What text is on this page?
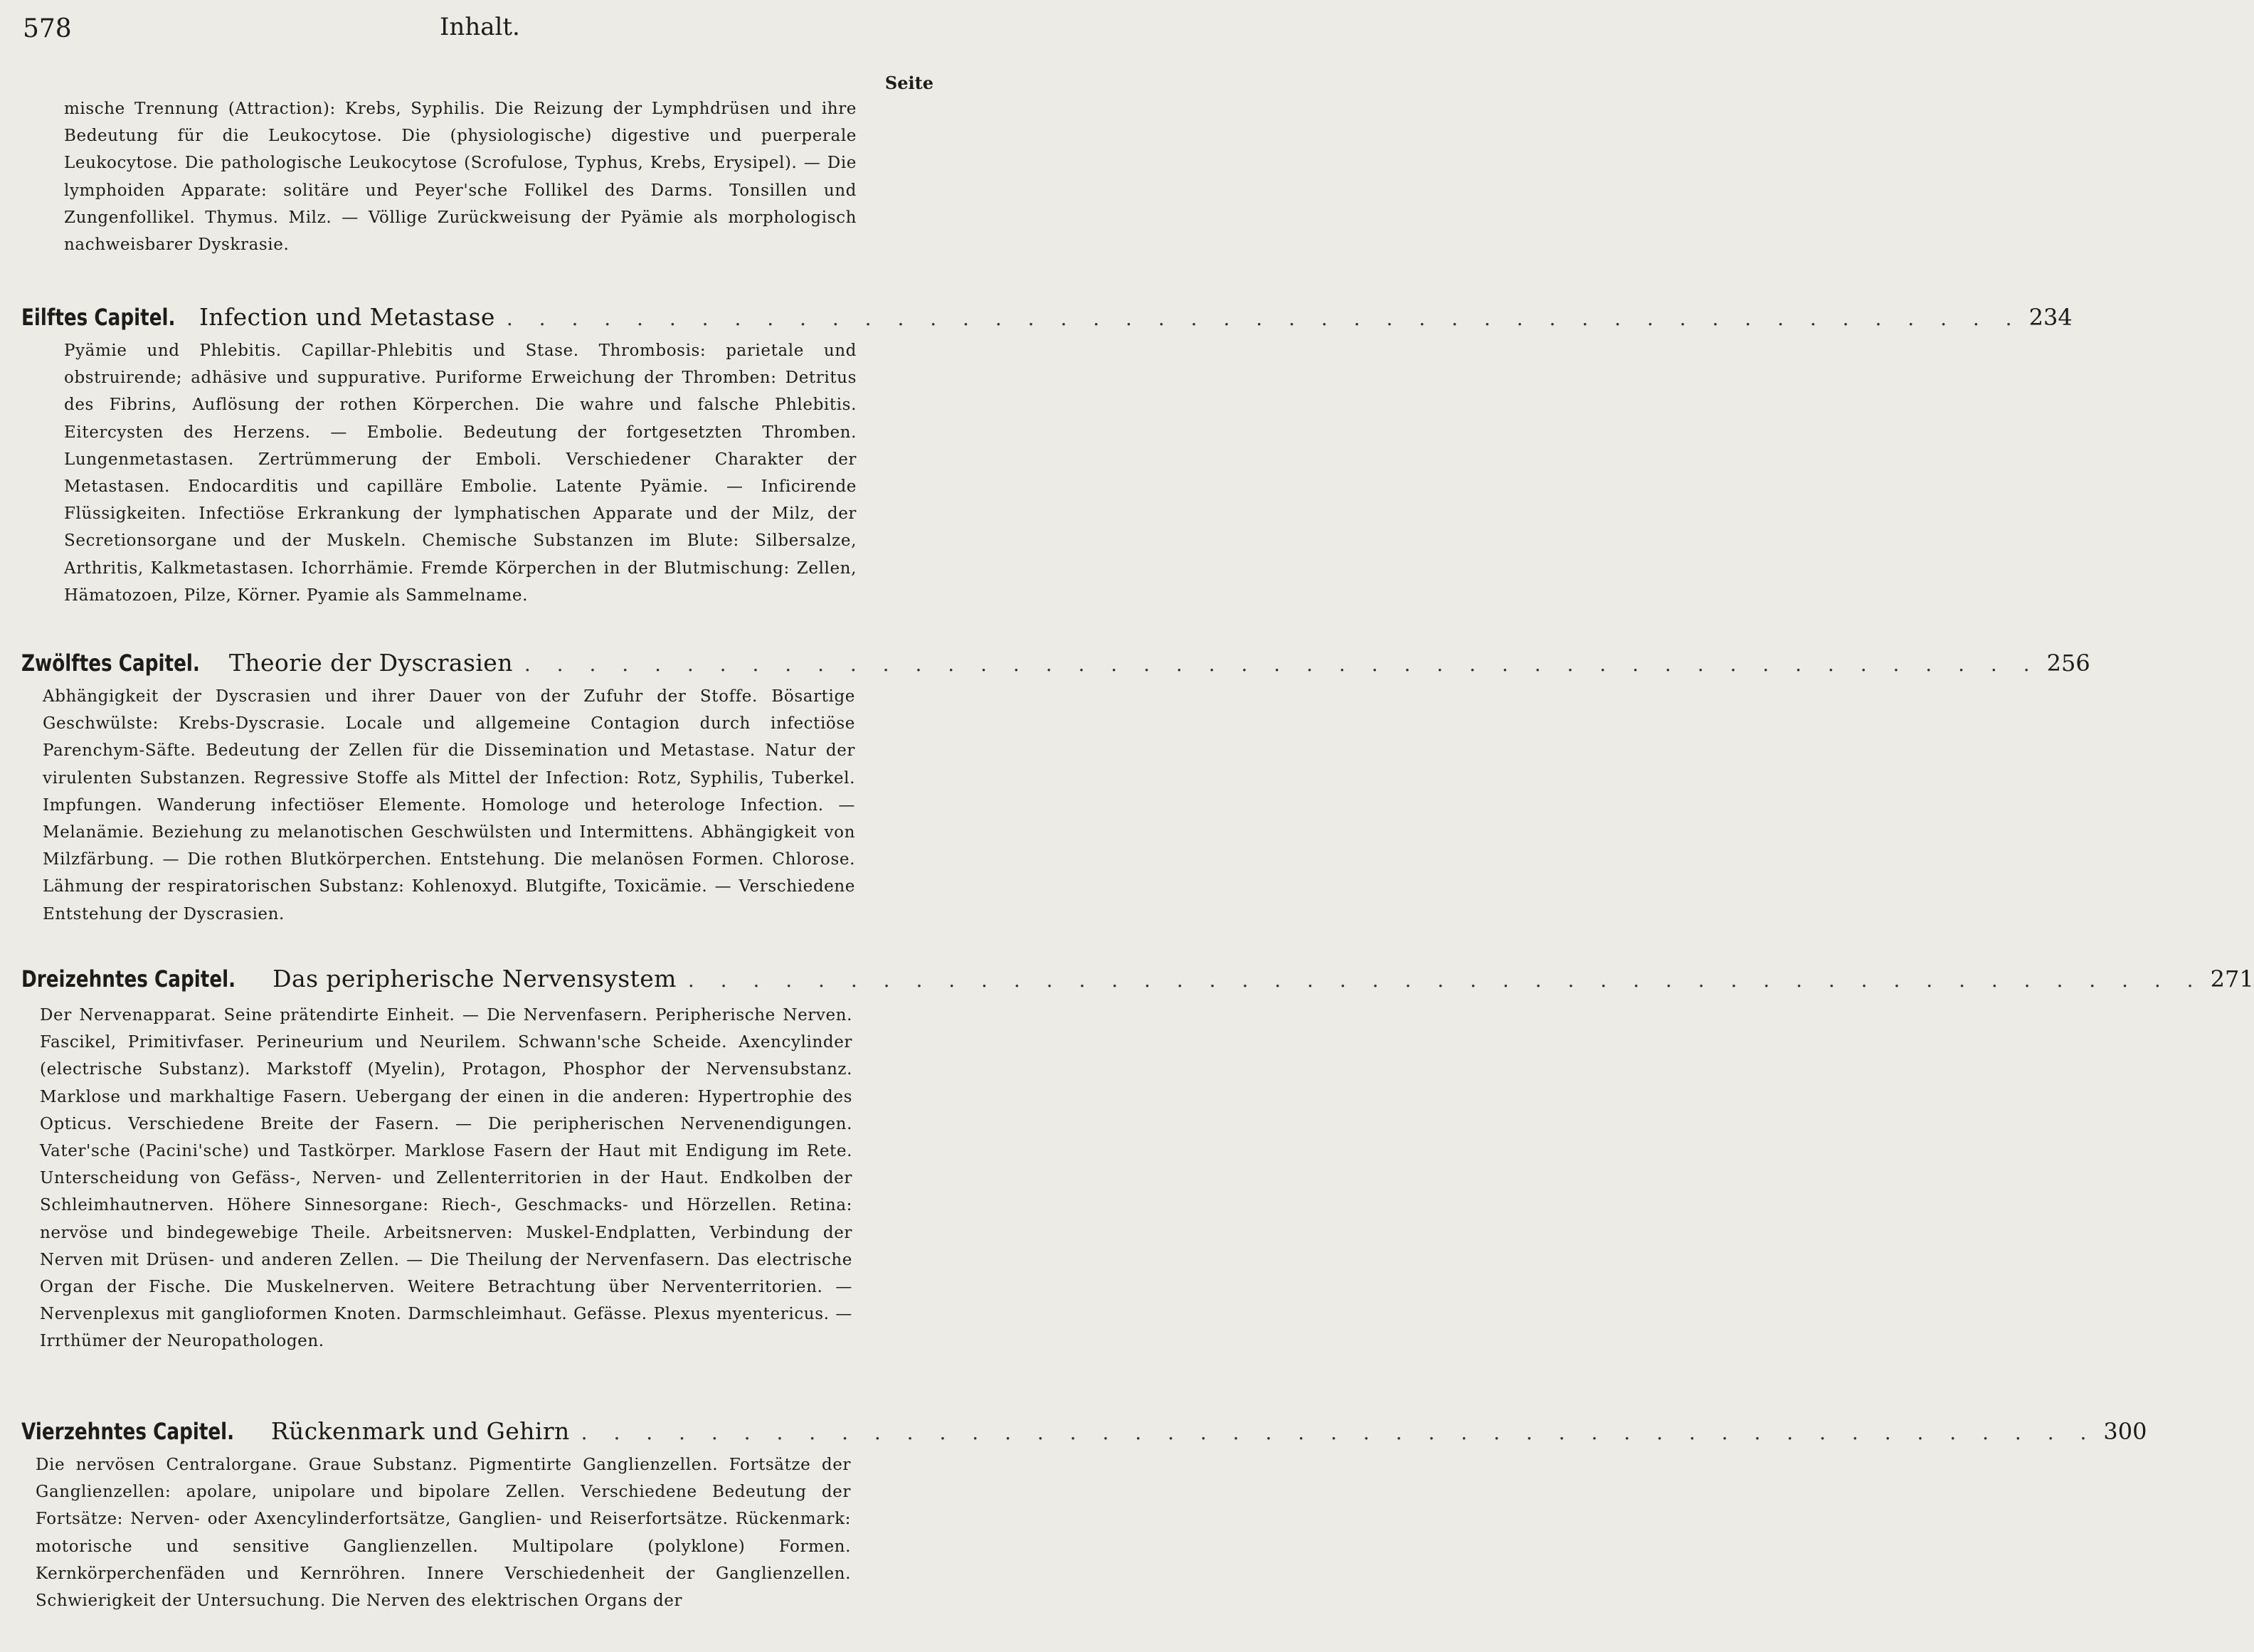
578	Inhalt.
Seite
mische Trennung (Attraction): Krebs, Syphilis. Die Reizung der Lymphdrüsen und ihre Bedeutung für die Leukocytose. Die (physiologische) digestive und puerperale Leukocytose. Die pathologische Leukocytose (Scrofulose, Typhus, Krebs, Erysipel). — Die lymphoiden Apparate: solitäre und Peyer'sche Follikel des Darms. Tonsillen und Zungenfollikel. Thymus. Milz. — Völlige Zurückweisung der Pyämie als morphologisch nachweisbarer Dyskrasie.
Eilftes Capitel. Infection und Metastase . . . . . . . . . . . . . . . . . . . . . . . . . . . . . . . . . . . . . . . . . . . . . . . 234
Pyämie und Phlebitis. Capillar-Phlebitis und Stase. Thrombosis: parietale und obstruirende; adhäsive und suppurative. Puriforme Erweichung der Thromben: Detritus des Fibrins, Auflösung der rothen Körperchen. Die wahre und falsche Phlebitis. Eitercysten des Herzens. — Embolie. Bedeutung der fortgesetzten Thromben. Lungenmetastasen. Zertrümmerung der Emboli. Verschiedener Charakter der Metastasen. Endocarditis und capilläre Embolie. Latente Pyämie. — Inficirende Flüssigkeiten. Infectiöse Erkrankung der lymphatischen Apparate und der Milz, der Secretionsorgane und der Muskeln. Chemische Substanzen im Blute: Silbersalze, Arthritis, Kalkmetastasen. Ichorrhämie. Fremde Körperchen in der Blutmischung: Zellen, Hämatozoen, Pilze, Körner. Pyamie als Sammelname.
Zwölftes Capitel. Theorie der Dyscrasien . . . . . . . . . . . . . . . . . . . . . . . . . . . . . . . . . . . . . . . . . . . . . . . 256
Abhängigkeit der Dyscrasien und ihrer Dauer von der Zufuhr der Stoffe. Bösartige Geschwülste: Krebs-Dyscrasie. Locale und allgemeine Contagion durch infectiöse Parenchym-Säfte. Bedeutung der Zellen für die Dissemination und Metastase. Natur der virulenten Substanzen. Regressive Stoffe als Mittel der Infection: Rotz, Syphilis, Tuberkel. Impfungen. Wanderung infectiöser Elemente. Homologe und heterologe Infection. — Melanämie. Beziehung zu melanotischen Geschwülsten und Intermittens. Abhängigkeit von Milzfärbung. — Die rothen Blutkörperchen. Entstehung. Die melanösen Formen. Chlorose. Lähmung der respiratorischen Substanz: Kohlenoxyd. Blutgifte, Toxicämie. — Verschiedene Entstehung der Dyscrasien.
Dreizehntes Capitel. Das peripherische Nervensystem . . . . . . . . . . . . . . . . . . . . . . . . . . . . . . . . . . . . . . . . . . . . . . . 271
Der Nervenapparat. Seine prätendirte Einheit. — Die Nervenfasern. Peripherische Nerven. Fascikel, Primitivfaser. Perineurium und Neurilem. Schwann'sche Scheide. Axencylinder (electrische Substanz). Markstoff (Myelin), Protagon, Phosphor der Nervensubstanz. Marklose und markhaltige Fasern. Uebergang der einen in die anderen: Hypertrophie des Opticus. Verschiedene Breite der Fasern. — Die peripherischen Nervenendigungen. Vater'sche (Pacini'sche) und Tastkörper. Marklose Fasern der Haut mit Endigung im Rete. Unterscheidung von Gefäss-, Nerven- und Zellenterritorien in der Haut. Endkolben der Schleimhautnerven. Höhere Sinnesorgane: Riech-, Geschmacks- und Hörzellen. Retina: nervöse und bindegewebige Theile. Arbeitsnerven: Muskel-Endplatten, Verbindung der Nerven mit Drüsen- und anderen Zellen. — Die Theilung der Nervenfasern. Das electrische Organ der Fische. Die Muskelnerven. Weitere Betrachtung über Nerventerritorien. — Nervenplexus mit ganglioformen Knoten. Darmschleimhaut. Gefässe. Plexus myentericus. — Irrthümer der Neuropathologen.
Vierzehntes Capitel. Rückenmark und Gehirn . . . . . . . . . . . . . . . . . . . . . . . . . . . . . . . . . . . . . . . . . . . . . . . 300
Die nervösen Centralorgane. Graue Substanz. Pigmentirte Ganglienzellen. Fortsätze der Ganglienzellen: apolare, unipolare und bipolare Zellen. Verschiedene Bedeutung der Fortsätze: Nerven- oder Axencylinderfortsätze, Ganglien- und Reiserfortsätze. Rückenmark: motorische und sensitive Ganglienzellen. Multipolare (polyklone) Formen. Kernkörperchenfäden und Kernröhren. Innere Verschiedenheit der Ganglienzellen. Schwierigkeit der Untersuchung. Die Nerven des elektrischen Organs der
